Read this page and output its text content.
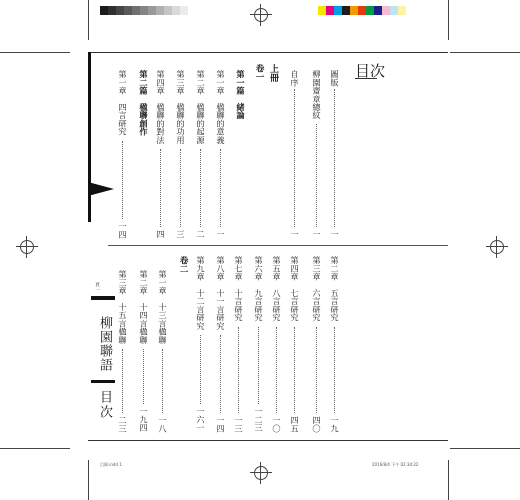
目次
圖版
一
柳園齋章總紋
一
自序
一
上冊
卷一
第一篇　緒論
第一章　楹聯的意義
一
第二章　楹聯的起源
二
第三章　楹聯的功用
三
第四章　楹聯的對法
四
第二篇　楹聯創作
第一章　四言研究
一四
第二章　五言研究
一九
第三章　六言研究
四〇
第四章　七言研究
四五
第五章　八言研究
一〇
第六章　九言研究
一二三
第七章　十言研究
一三
第八章　十一言研究
一四
第九章　十二言研究
一六一
卷二
第一章　十三言楹聯
一八
第二章　十四言楹聯
一九四
第三章　十五言楹聯
二三
頁一
柳園聯語
目次
目錄.indd 1	2016/8/4 下午 02:34:22
